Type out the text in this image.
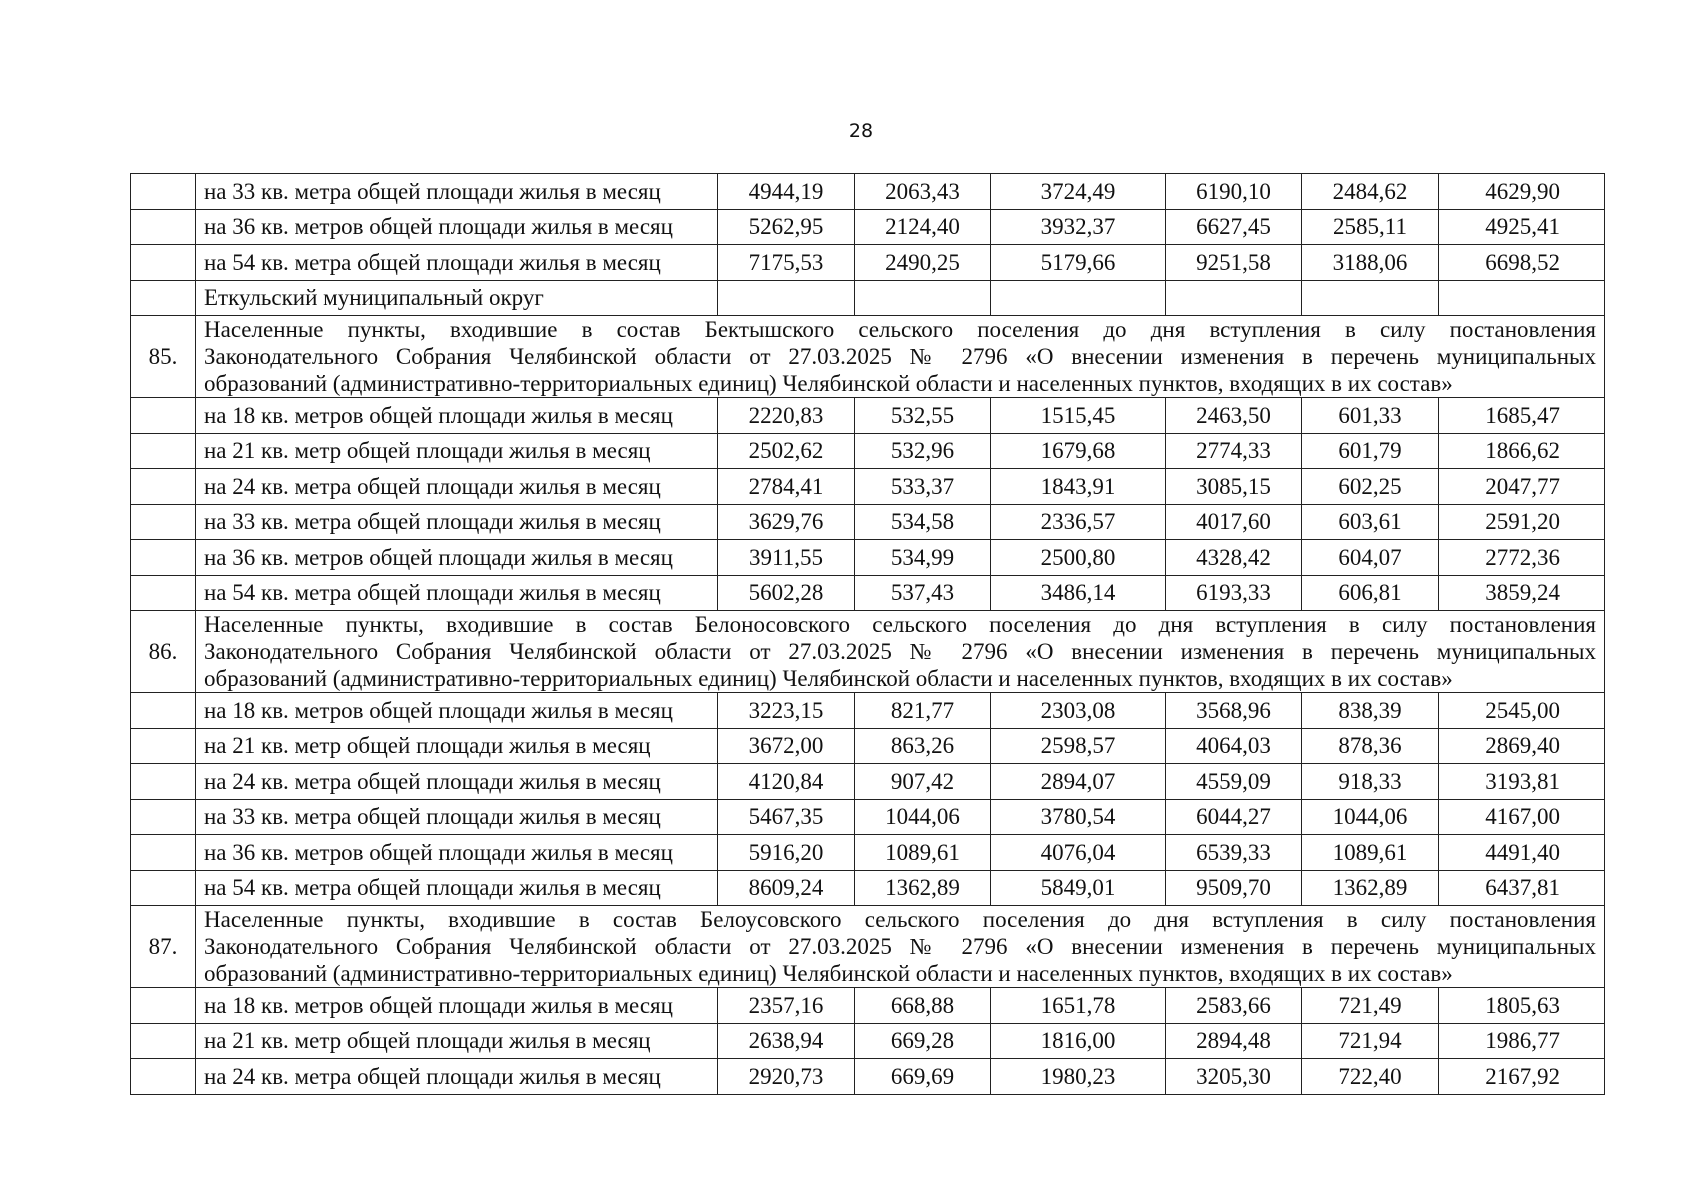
28
	на 33 кв. метра общей площади жилья в месяц	4944,19	2063,43	3724,49	6190,10	2484,62	4629,90
	на 36 кв. метров общей площади жилья в месяц	5262,95	2124,40	3932,37	6627,45	2585,11	4925,41
	на 54 кв. метра общей площади жилья в месяц	7175,53	2490,25	5179,66	9251,58	3188,06	6698,52
	Еткульский муниципальный округ						
85.	Населенные пункты, входившие в состав Бектышского сельского поселения до дня вступления в силу постановления
Законодательного Собрания Челябинской области от 27.03.2025 № 2796 «О внесении изменения в перечень муниципальных
образований (административно-территориальных единиц) Челябинской области и населенных пунктов, входящих в их состав»						

	на 18 кв. метров общей площади жилья в месяц	2220,83	532,55	1515,45	2463,50	601,33	1685,47
	на 21 кв. метр общей площади жилья в месяц	2502,62	532,96	1679,68	2774,33	601,79	1866,62
	на 24 кв. метра общей площади жилья в месяц	2784,41	533,37	1843,91	3085,15	602,25	2047,77
	на 33 кв. метра общей площади жилья в месяц	3629,76	534,58	2336,57	4017,60	603,61	2591,20
	на 36 кв. метров общей площади жилья в месяц	3911,55	534,99	2500,80	4328,42	604,07	2772,36
	на 54 кв. метра общей площади жилья в месяц	5602,28	537,43	3486,14	6193,33	606,81	3859,24
86.	Населенные пункты, входившие в состав Белоносовского сельского поселения до дня вступления в силу постановления
Законодательного Собрания Челябинской области от 27.03.2025 № 2796 «О внесении изменения в перечень муниципальных
образований (административно-территориальных единиц) Челябинской области и населенных пунктов, входящих в их состав»						

	на 18 кв. метров общей площади жилья в месяц	3223,15	821,77	2303,08	3568,96	838,39	2545,00
	на 21 кв. метр общей площади жилья в месяц	3672,00	863,26	2598,57	4064,03	878,36	2869,40
	на 24 кв. метра общей площади жилья в месяц	4120,84	907,42	2894,07	4559,09	918,33	3193,81
	на 33 кв. метра общей площади жилья в месяц	5467,35	1044,06	3780,54	6044,27	1044,06	4167,00
	на 36 кв. метров общей площади жилья в месяц	5916,20	1089,61	4076,04	6539,33	1089,61	4491,40
	на 54 кв. метра общей площади жилья в месяц	8609,24	1362,89	5849,01	9509,70	1362,89	6437,81
87.	Населенные пункты, входившие в состав Белоусовского сельского поселения до дня вступления в силу постановления
Законодательного Собрания Челябинской области от 27.03.2025 № 2796 «О внесении изменения в перечень муниципальных
образований (административно-территориальных единиц) Челябинской области и населенных пунктов, входящих в их состав»						

	на 18 кв. метров общей площади жилья в месяц	2357,16	668,88	1651,78	2583,66	721,49	1805,63
	на 21 кв. метр общей площади жилья в месяц	2638,94	669,28	1816,00	2894,48	721,94	1986,77
	на 24 кв. метра общей площади жилья в месяц	2920,73	669,69	1980,23	3205,30	722,40	2167,92
